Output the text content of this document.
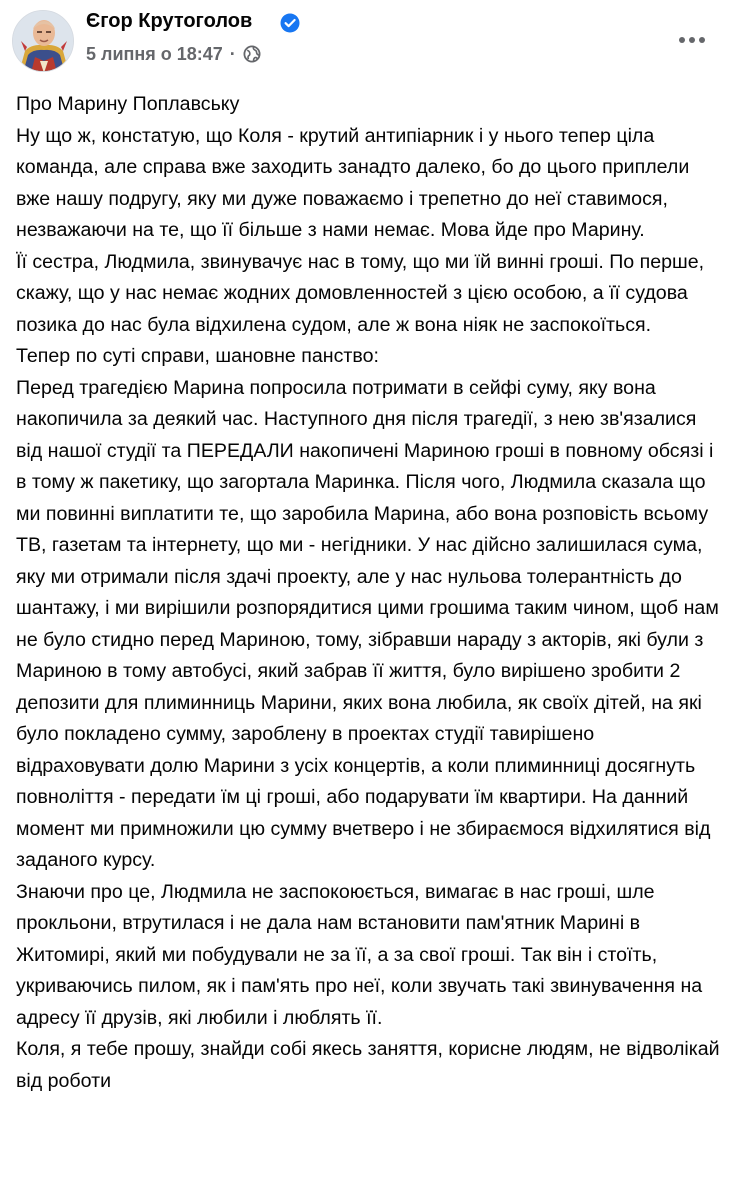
Єгор Крутоголов
5 липня о 18:47 ·

Про Марину Поплавську

Ну що ж, констатую, що Коля - крутий антипіарник і у нього тепер ціла команда, але справа вже заходить занадто далеко, бо до цього приплели вже нашу подругу, яку ми дуже поважаємо і трепетно до неї ставимося, незважаючи на те, що її більше з нами немає. Мова йде про Марину.

Її сестра, Людмила, звинувачує нас в тому, що ми їй винні гроші. По перше, скажу, що у нас немає жодних домовленностей з цією особою, а її судова позика до нас була відхилена судом, але ж вона ніяк не заспокоїться.

Тепер по суті справи, шановне панство:

Перед трагедією Марина попросила потримати в сейфі суму, яку вона накопичила за деякий час. Наступного дня після трагедії, з нею зв'язалися від нашої студії та ПЕРЕДАЛИ накопичені Мариною гроші в повному обсязі і в тому ж пакетику, що загортала Маринка. Після чого, Людмила сказала що ми повинні виплатити те, що заробила Марина, або вона розповість всьому ТВ, газетам та інтернету, що ми - негідники. У нас дійсно залишилася сума, яку ми отримали після здачі проекту, але у нас нульова толерантність до шантажу, і ми вирішили розпорядитися цими грошима таким чином, щоб нам не було стидно перед Мариною, тому, зібравши нараду з акторів, які були з Мариною в тому автобусі, який забрав її життя, було вирішено зробити 2 депозити для плиминниць Марини, яких вона любила, як своїх дітей, на які було покладено сумму, зароблену в проектах студії тавирішено відраховувати долю Марини з усіх концертів, а коли плиминниці досягнуть повноліття - передати їм ці гроші, або подарувати їм квартири. На данний момент ми примножили цю сумму вчетверо і не збираємося відхилятися від заданого курсу.

Знаючи про це, Людмила не заспокоюється, вимагає в нас гроші, шле прокльони, втрутилася і не дала нам встановити пам'ятник Марині в Житомирі, який ми побудували не за її, а за свої гроші. Так він і стоїть, укриваючись пилом, як і пам'ять про неї, коли звучать такі звинувачення на адресу її друзів, які любили і люблять її.

Коля, я тебе прошу, знайди собі якесь заняття, корисне людям, не відволікай від роботи
